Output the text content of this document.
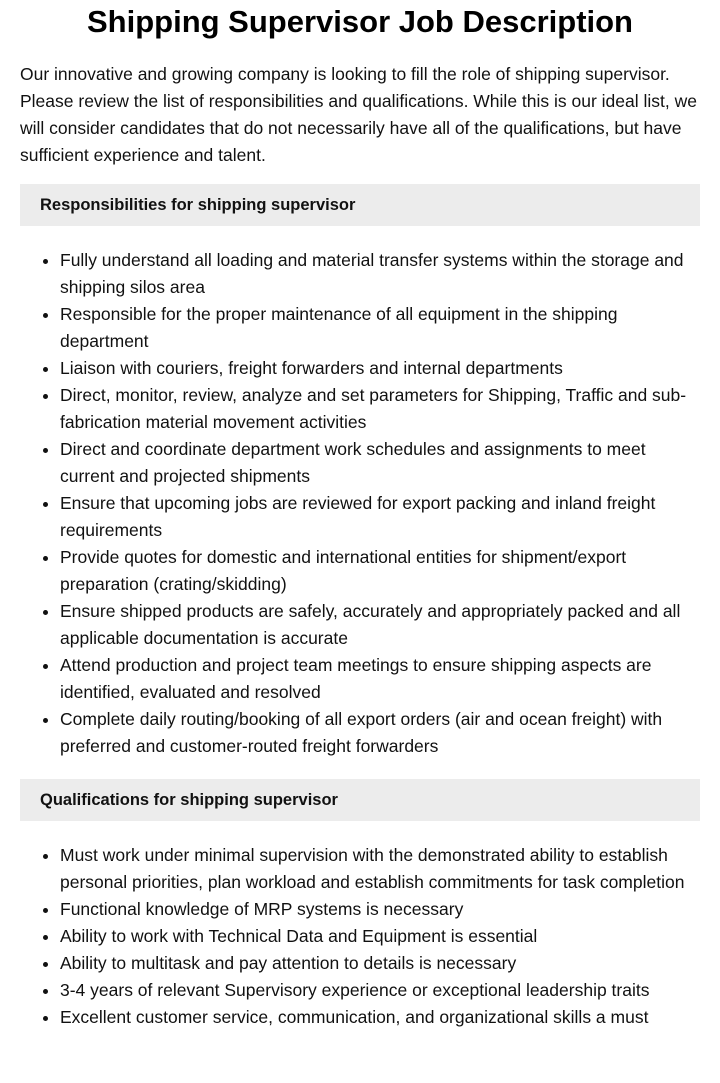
Shipping Supervisor Job Description

Our innovative and growing company is looking to fill the role of shipping supervisor. Please review the list of responsibilities and qualifications. While this is our ideal list, we will consider candidates that do not necessarily have all of the qualifications, but have sufficient experience and talent.

Responsibilities for shipping supervisor
• Fully understand all loading and material transfer systems within the storage and shipping silos area
• Responsible for the proper maintenance of all equipment in the shipping department
• Liaison with couriers, freight forwarders and internal departments
• Direct, monitor, review, analyze and set parameters for Shipping, Traffic and sub-fabrication material movement activities
• Direct and coordinate department work schedules and assignments to meet current and projected shipments
• Ensure that upcoming jobs are reviewed for export packing and inland freight requirements
• Provide quotes for domestic and international entities for shipment/export preparation (crating/skidding)
• Ensure shipped products are safely, accurately and appropriately packed and all applicable documentation is accurate
• Attend production and project team meetings to ensure shipping aspects are identified, evaluated and resolved
• Complete daily routing/booking of all export orders (air and ocean freight) with preferred and customer-routed freight forwarders
Qualifications for shipping supervisor
• Must work under minimal supervision with the demonstrated ability to establish personal priorities, plan workload and establish commitments for task completion
• Functional knowledge of MRP systems is necessary
• Ability to work with Technical Data and Equipment is essential
• Ability to multitask and pay attention to details is necessary
• 3-4 years of relevant Supervisory experience or exceptional leadership traits
• Excellent customer service, communication, and organizational skills a must
